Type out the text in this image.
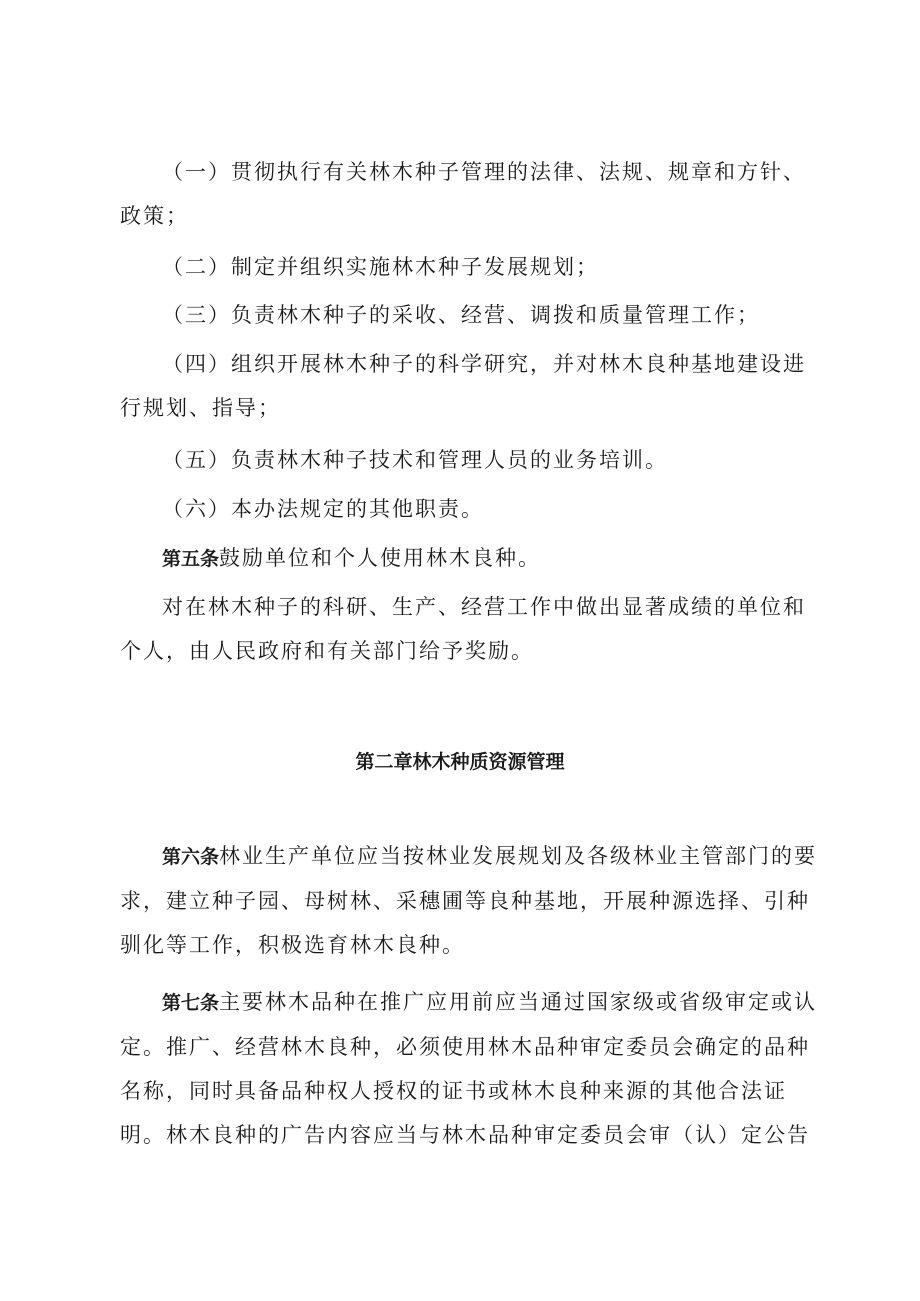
（一）贯彻执行有关林木种子管理的法律、法规、规章和方针、政策；

（二）制定并组织实施林木种子发展规划；

（三）负责林木种子的采收、经营、调拨和质量管理工作；

（四）组织开展林木种子的科学研究，并对林木良种基地建设进行规划、指导；

（五）负责林木种子技术和管理人员的业务培训。

（六）本办法规定的其他职责。

第五条鼓励单位和个人使用林木良种。

对在林木种子的科研、生产、经营工作中做出显著成绩的单位和个人，由人民政府和有关部门给予奖励。

第二章林木种质资源管理

第六条林业生产单位应当按林业发展规划及各级林业主管部门的要求，建立种子园、母树林、采穗圃等良种基地，开展种源选择、引种驯化等工作，积极选育林木良种。

第七条主要林木品种在推广应用前应当通过国家级或省级审定或认定。推广、经营林木良种，必须使用林木品种审定委员会确定的品种名称，同时具备品种权人授权的证书或林木良种来源的其他合法证明。林木良种的广告内容应当与林木品种审定委员会审（认）定公告
